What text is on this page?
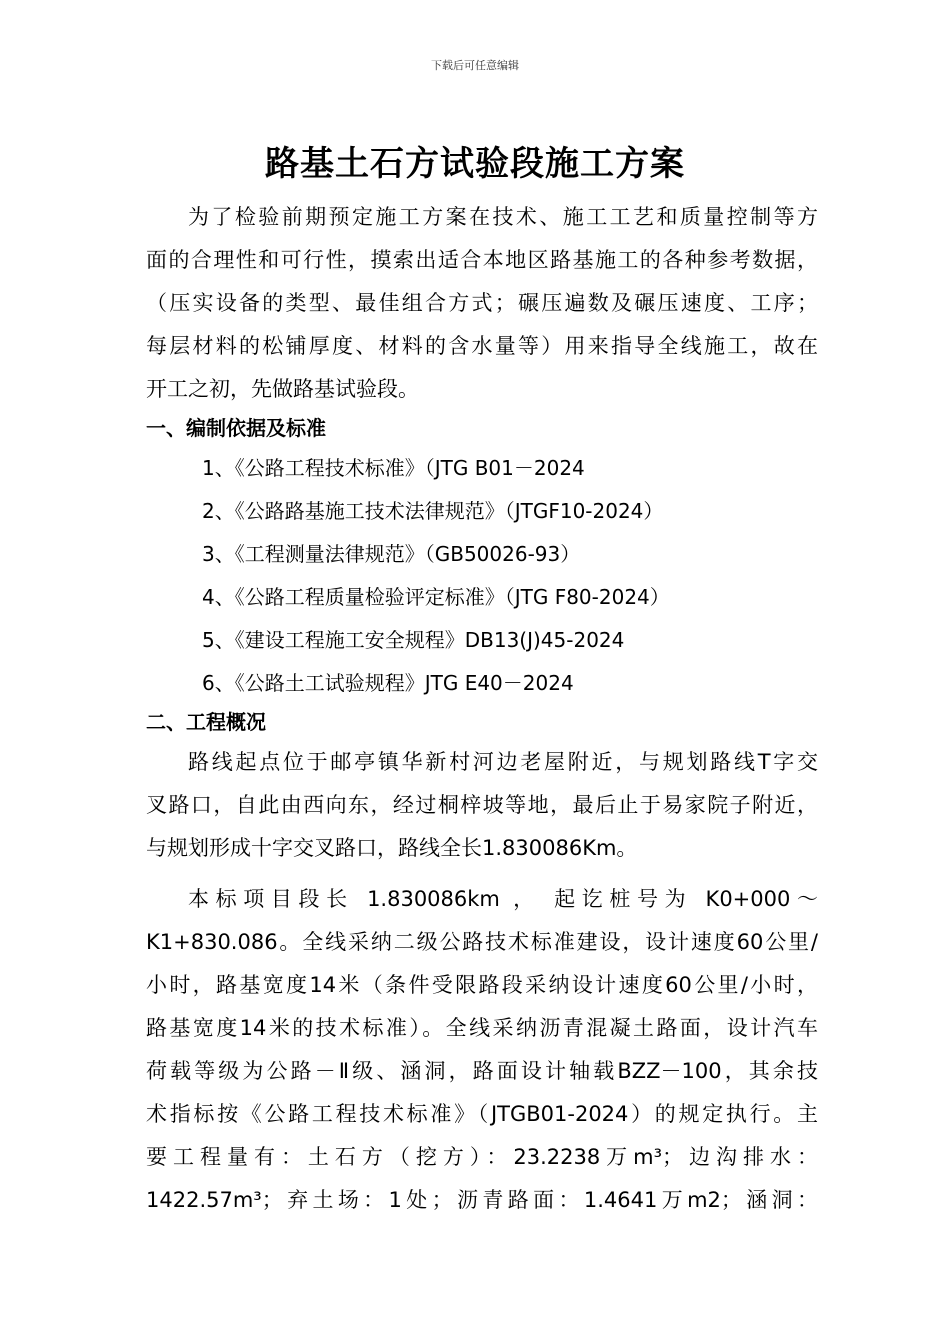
下载后可任意编辑
路基土石方试验段施工方案

为了检验前期预定施工方案在技术、施工工艺和质量控制等方

面的合理性和可行性，摸索出适合本地区路基施工的各种参考数据，

（压实设备的类型、最佳组合方式；碾压遍数及碾压速度、工序；

每层材料的松铺厚度、材料的含水量等）用来指导全线施工，故在

开工之初，先做路基试验段。

一、编制依据及标准
1、《公路工程技术标准》（JTG B01－2024
2、《公路路基施工技术法律规范》（JTGF10-2024）
3、《工程测量法律规范》（GB50026-93）
4、《公路工程质量检验评定标准》（JTG F80-2024）
5、《建设工程施工安全规程》DB13(J)45-2024
6、《公路土工试验规程》JTG E40－2024
二、工程概况

路线起点位于邮亭镇华新村河边老屋附近，与规划路线T字交

叉路口，自此由西向东，经过桐梓坡等地，最后止于易家院子附近，

与规划形成十字交叉路口，路线全长1.830086Km。

本标项目段长 1.830086km ， 起讫桩号为 K0+000～

K1+830.086。全线采纳二级公路技术标准建设，设计速度60公里/

小时，路基宽度14米（条件受限路段采纳设计速度60公里/小时，

路基宽度14米的技术标准）。全线采纳沥青混凝土路面，设计汽车

荷载等级为公路－Ⅱ级、涵洞，路面设计轴载BZZ－100，其余技

术指标按《公路工程技术标准》（JTGB01-2024）的规定执行。主

要工程量有：土石方（挖方）：23.2238万m³；边沟排水：

1422.57m³；弃土场：1处；沥青路面：1.4641万m2；涵洞：
